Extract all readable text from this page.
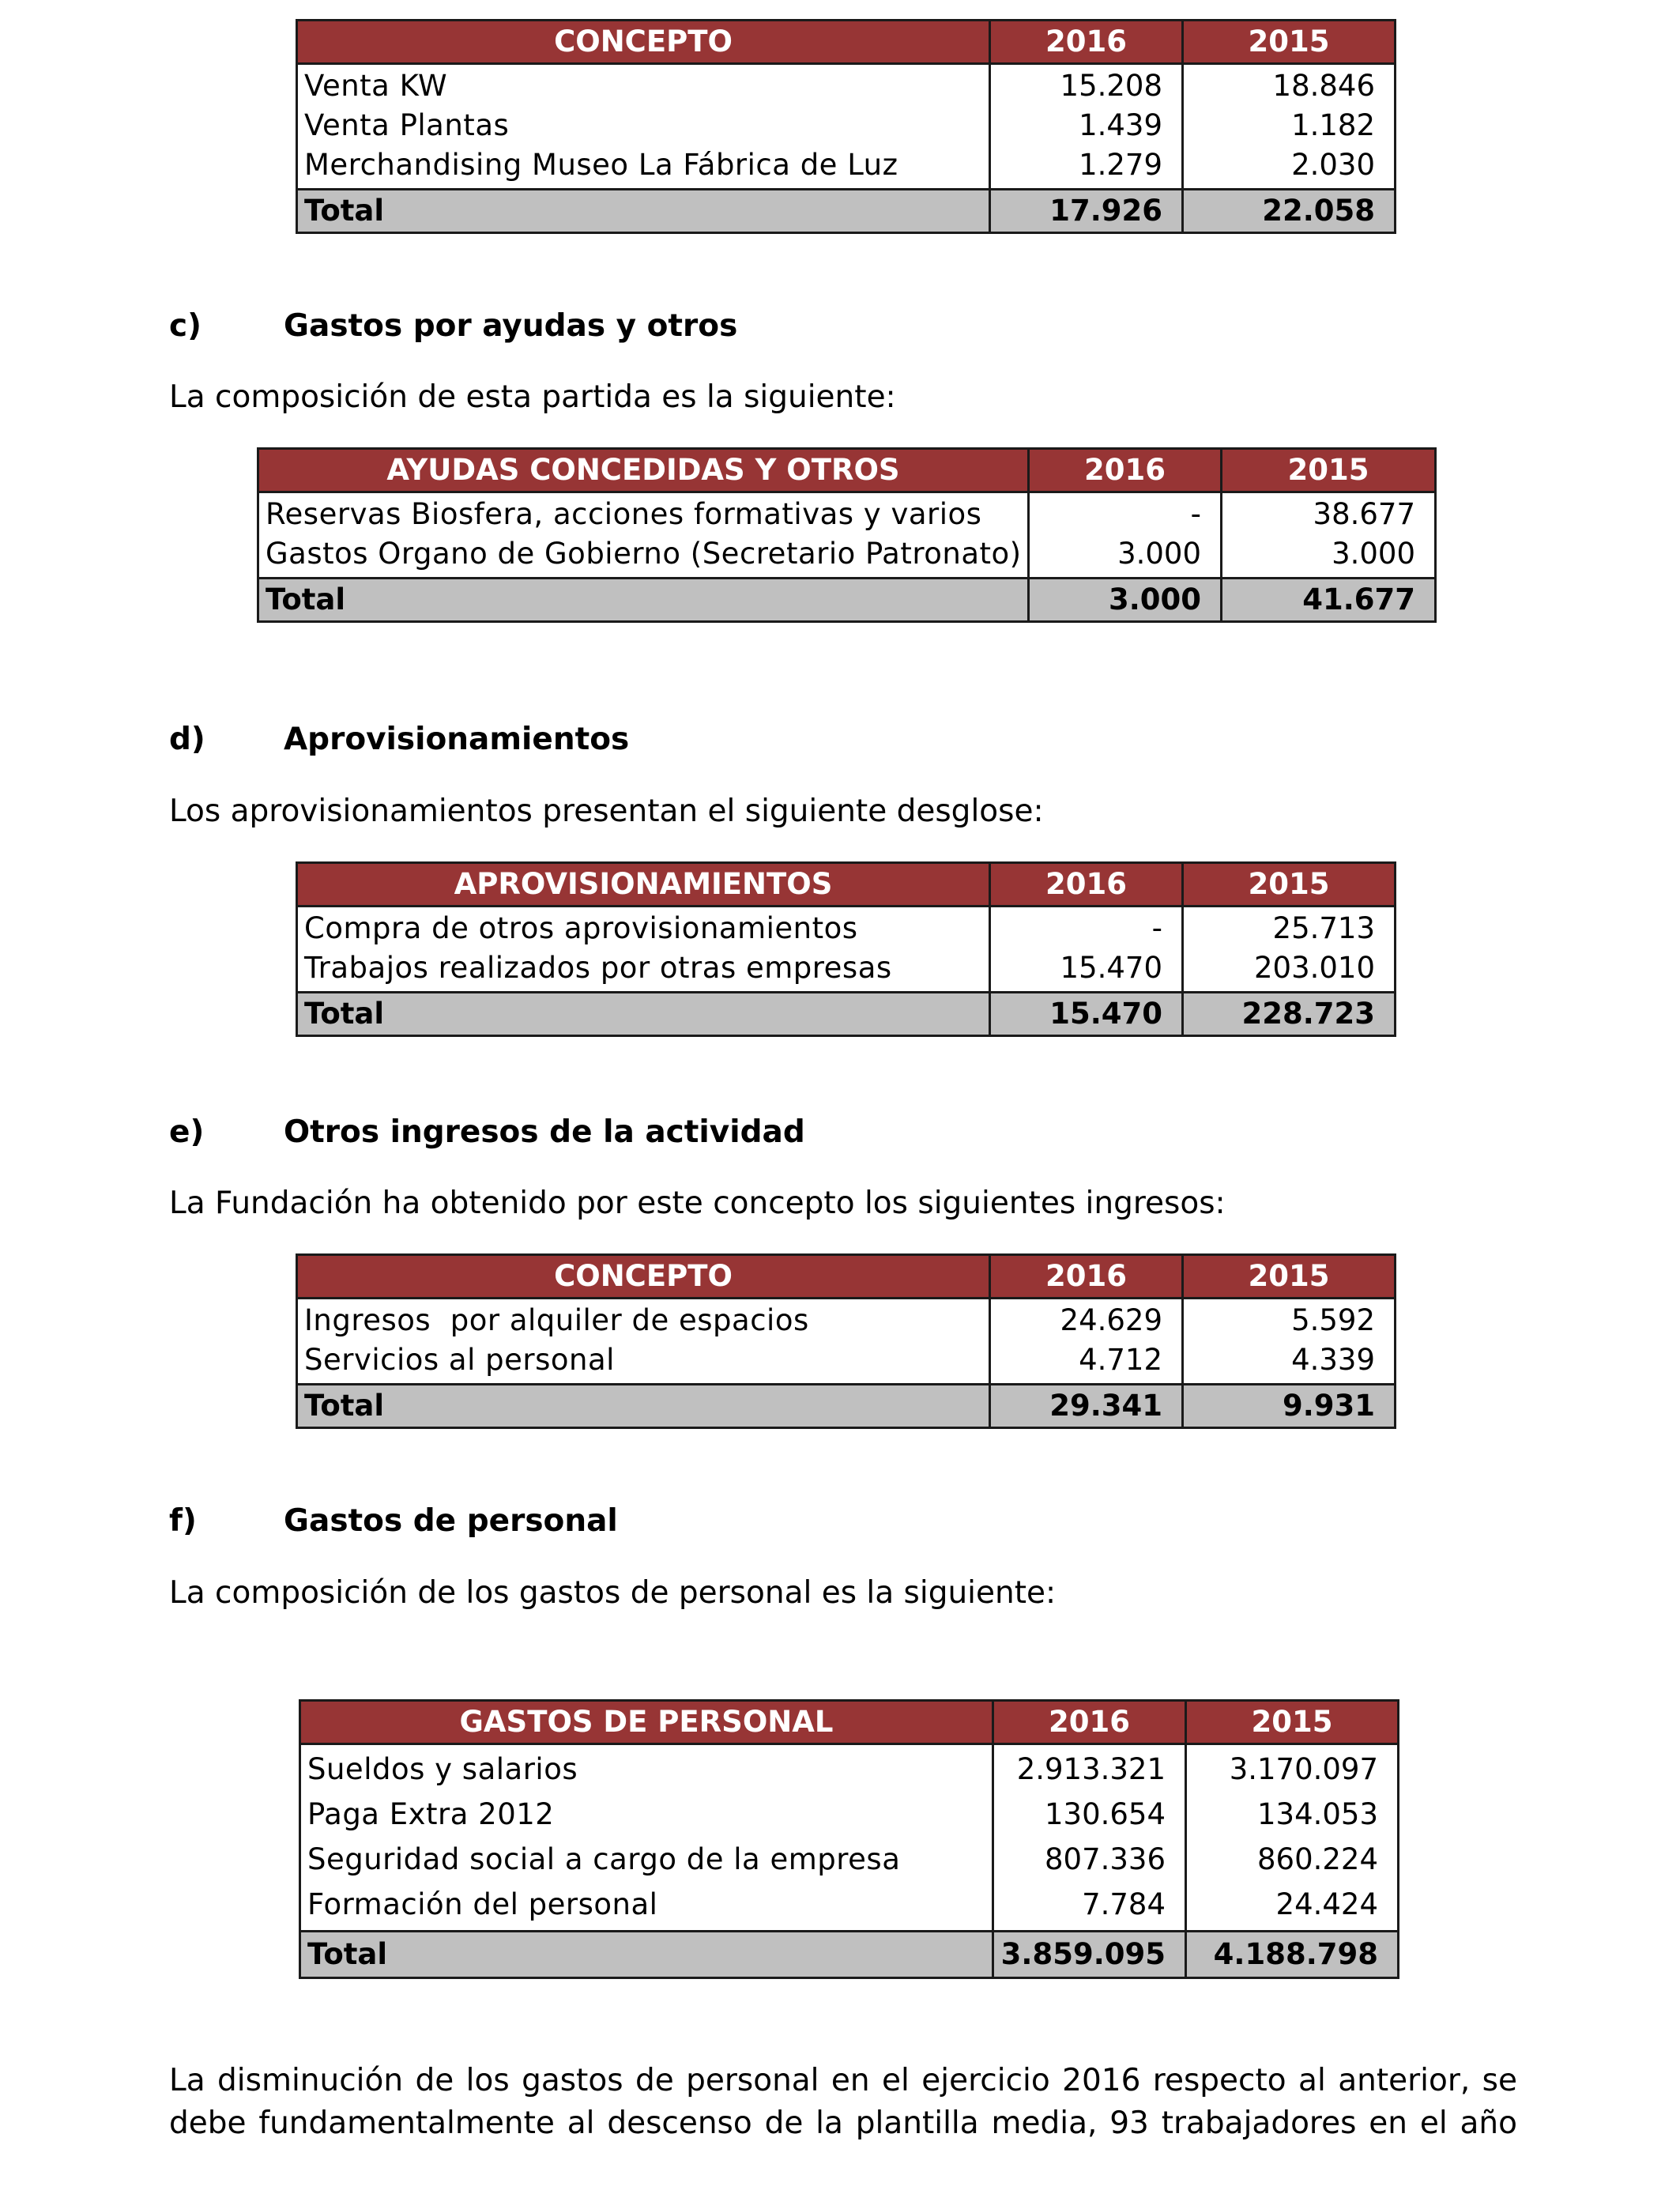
CONCEPTO	2016	2015
Venta KW	15.208	18.846
Venta Plantas	1.439	1.182
Merchandising Museo La Fábrica de Luz	1.279	2.030
Total	17.926	22.058
c)	Gastos por ayudas y otros
La composición de esta partida es la siguiente:
AYUDAS CONCEDIDAS Y OTROS	2016	2015
Reservas Biosfera, acciones formativas y varios	-	38.677
Gastos Organo de Gobierno (Secretario Patronato)	3.000	3.000
Total	3.000	41.677
d)	Aprovisionamientos
Los aprovisionamientos presentan el siguiente desglose:
APROVISIONAMIENTOS	2016	2015
Compra de otros aprovisionamientos	-	25.713
Trabajos realizados por otras empresas	15.470	203.010
Total	15.470	228.723
e)	Otros ingresos de la actividad
La Fundación ha obtenido por este concepto los siguientes ingresos:
CONCEPTO	2016	2015
Ingresos  por alquiler de espacios	24.629	5.592
Servicios al personal	4.712	4.339
Total	29.341	9.931
f)	Gastos de personal
La composición de los gastos de personal es la siguiente:
GASTOS DE PERSONAL	2016	2015
Sueldos y salarios	2.913.321	3.170.097
Paga Extra 2012	130.654	134.053
Seguridad social a cargo de la empresa	807.336	860.224
Formación del personal	7.784	24.424
Total	3.859.095	4.188.798

La disminución de los gastos de personal en el ejercicio 2016 respecto al anterior, se

debe fundamentalmente al descenso de la plantilla media, 93 trabajadores en el año
